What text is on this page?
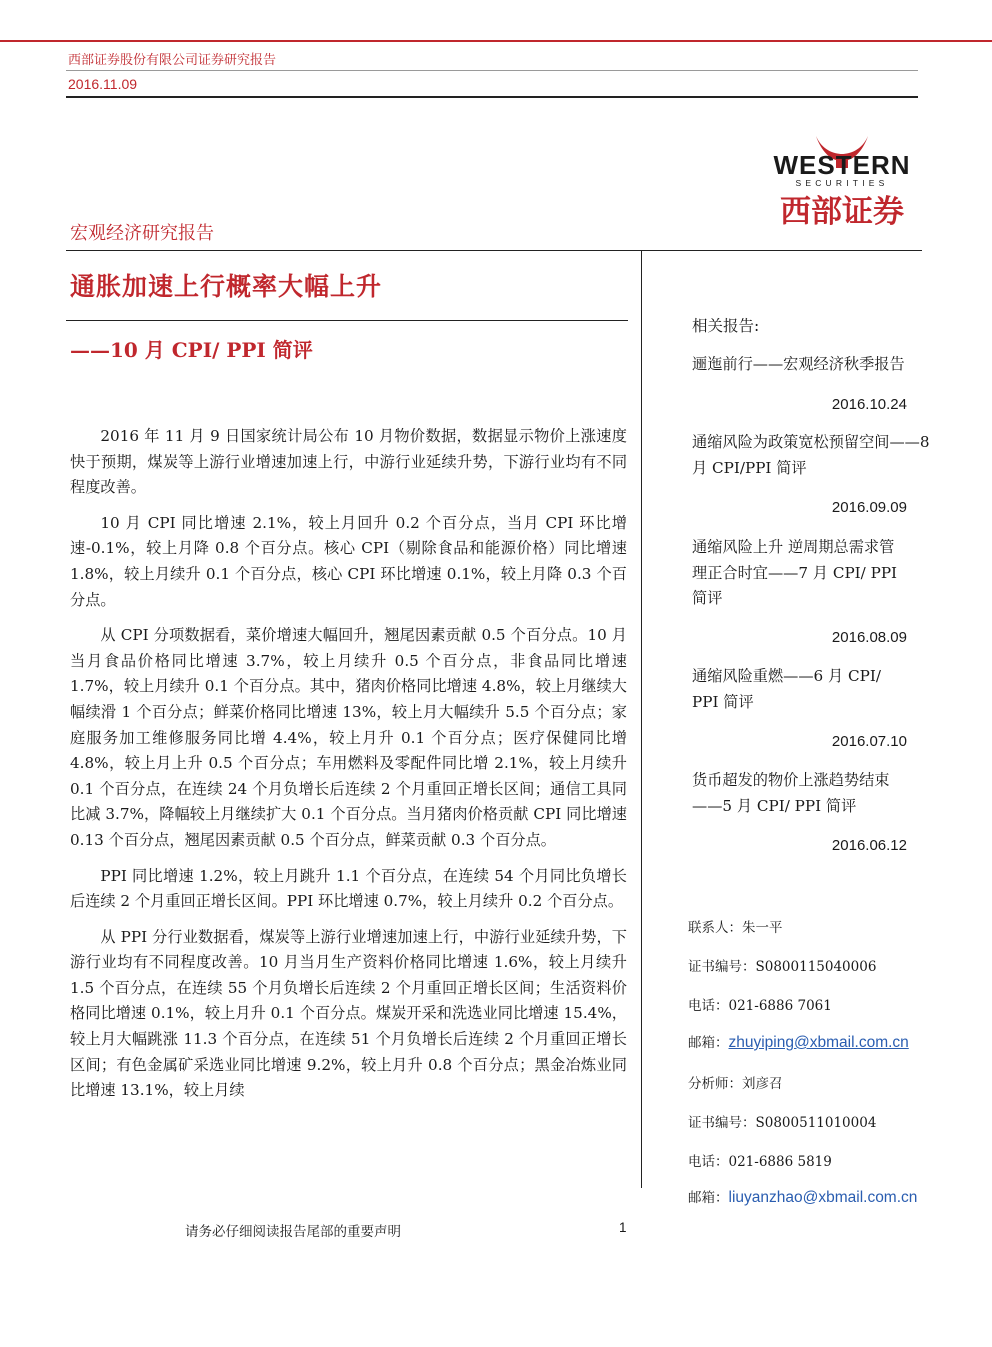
西部证券股份有限公司证券研究报告
2016.11.09
WESTERN
SECURITIES
西部证券
宏观经济研究报告
通胀加速上行概率大幅上升
——10 月 CPI/ PPI 简评

2016 年 11 月 9 日国家统计局公布 10 月物价数据，数据显示物价上涨速度快于预期，煤炭等上游行业增速加速上行，中游行业延续升势，下游行业均有不同程度改善。

10 月 CPI 同比增速 2.1%，较上月回升 0.2 个百分点，当月 CPI 环比增速-0.1%，较上月降 0.8 个百分点。核心 CPI（剔除食品和能源价格）同比增速 1.8%，较上月续升 0.1 个百分点，核心 CPI 环比增速 0.1%，较上月降 0.3 个百分点。

从 CPI 分项数据看，菜价增速大幅回升，翘尾因素贡献 0.5 个百分点。10 月当月食品价格同比增速 3.7%，较上月续升 0.5 个百分点，非食品同比增速 1.7%，较上月续升 0.1 个百分点。其中，猪肉价格同比增速 4.8%，较上月继续大幅续滑 1 个百分点；鲜菜价格同比增速 13%，较上月大幅续升 5.5 个百分点；家庭服务加工维修服务同比增 4.4%，较上月升 0.1 个百分点；医疗保健同比增 4.8%，较上月上升 0.5 个百分点；车用燃料及零配件同比增 2.1%，较上月续升 0.1 个百分点，在连续 24 个月负增长后连续 2 个月重回正增长区间；通信工具同比减 3.7%，降幅较上月继续扩大 0.1 个百分点。当月猪肉价格贡献 CPI 同比增速 0.13 个百分点，翘尾因素贡献 0.5 个百分点，鲜菜贡献 0.3 个百分点。

PPI 同比增速 1.2%，较上月跳升 1.1 个百分点，在连续 54 个月同比负增长后连续 2 个月重回正增长区间。PPI 环比增速 0.7%，较上月续升 0.2 个百分点。

从 PPI 分行业数据看，煤炭等上游行业增速加速上行，中游行业延续升势，下游行业均有不同程度改善。10 月当月生产资料价格同比增速 1.6%，较上月续升 1.5 个百分点，在连续 55 个月负增长后连续 2 个月重回正增长区间；生活资料价格同比增速 0.1%，较上月升 0.1 个百分点。煤炭开采和洗选业同比增速 15.4%，较上月大幅跳涨 11.3 个百分点，在连续 51 个月负增长后连续 2 个月重回正增长区间；有色金属矿采选业同比增速 9.2%，较上月升 0.8 个百分点；黑金冶炼业同比增速 13.1%，较上月续

相关报告:
逦迤前行——宏观经济秋季报告
2016.10.24
通缩风险为政策宽松预留空间——8 月 CPI/PPI 简评
2016.09.09
通缩风险上升 逆周期总需求管理正合时宜——7 月 CPI/ PPI 简评
2016.08.09
通缩风险重燃——6 月 CPI/ PPI 简评
2016.07.10
货币超发的物价上涨趋势结束——5 月 CPI/ PPI 简评
2016.06.12
联系人：朱一平
证书编号：S0800115040006
电话：021-6886 7061
邮箱：zhuyiping@xbmail.com.cn
分析师：刘彦召
证书编号：S0800511010004
电话：021-6886 5819
邮箱：liuyanzhao@xbmail.com.cn
请务必仔细阅读报告尾部的重要声明	1
